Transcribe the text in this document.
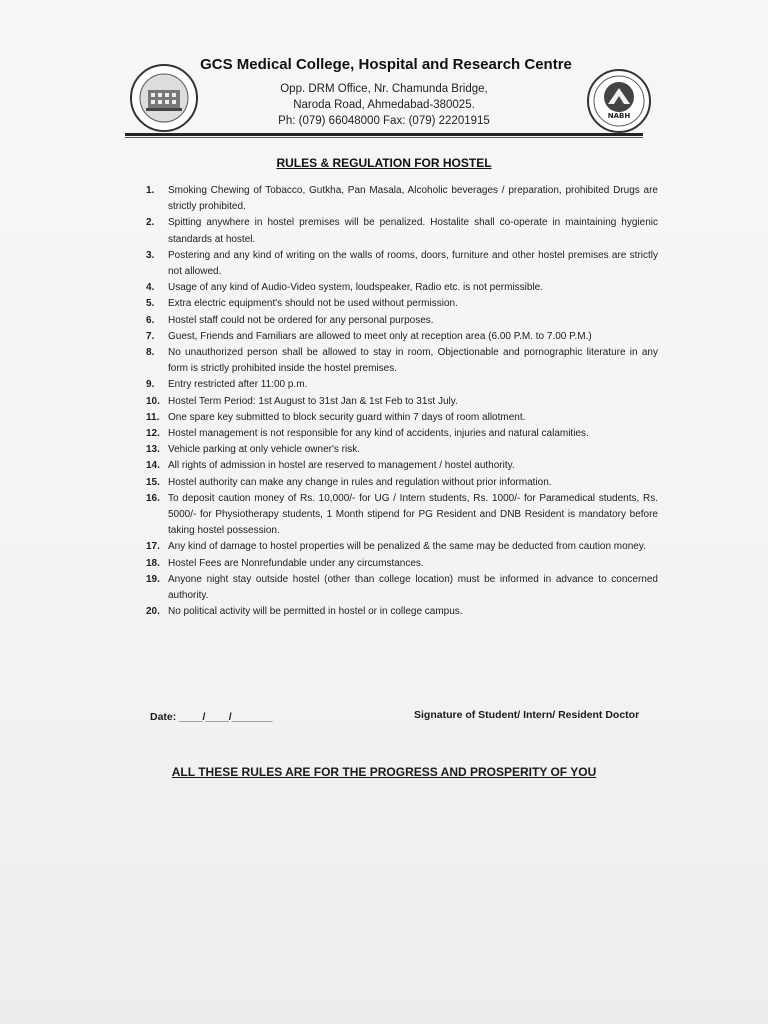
GCS Medical College, Hospital and Research Centre
Opp. DRM Office, Nr. Chamunda Bridge,
Naroda Road, Ahmedabad-380025.
Ph: (079) 66048000 Fax: (079) 22201915	NABH
RULES & REGULATION FOR HOSTEL
1.	Smoking Chewing of Tobacco, Gutkha, Pan Masala, Alcoholic beverages / preparation, prohibited Drugs are strictly prohibited.
2.	Spitting anywhere in hostel premises will be penalized. Hostalite shall co-operate in maintaining hygienic standards at hostel.
3.	Postering and any kind of writing on the walls of rooms, doors, furniture and other hostel premises are strictly not allowed.
4.	Usage of any kind of Audio-Video system, loudspeaker, Radio etc. is not permissible.
5.	Extra electric equipment's should not be used without permission.
6.	Hostel staff could not be ordered for any personal purposes.
7.	Guest, Friends and Familiars are allowed to meet only at reception area (6.00 P.M. to 7.00 P.M.)
8.	No unauthorized person shall be allowed to stay in room, Objectionable and pornographic literature in any form is strictly prohibited inside the hostel premises.
9.	Entry restricted after 11:00 p.m.
10. Hostel Term Period: 1st August to 31st Jan & 1st Feb to 31st July.
11. One spare key submitted to block security guard within 7 days of room allotment.
12. Hostel management is not responsible for any kind of accidents, injuries and natural calamities.
13. Vehicle parking at only vehicle owner's risk.
14. All rights of admission in hostel are reserved to management / hostel authority.
15. Hostel authority can make any change in rules and regulation without prior information.
16. To deposit caution money of Rs. 10,000/- for UG / Intern students, Rs. 1000/- for Paramedical students, Rs. 5000/- for Physiotherapy students, 1 Month stipend for PG Resident and DNB Resident is mandatory before taking hostel possession.
17. Any kind of damage to hostel properties will be penalized & the same may be deducted from caution money.
18. Hostel Fees are Nonrefundable under any circumstances.
19. Anyone night stay outside hostel (other than college location) must be informed in advance to concerned authority.
20. No political activity will be permitted in hostel or in college campus.
Date: ____/____/_______	Signature of Student/ Intern/ Resident Doctor
ALL THESE RULES ARE FOR THE PROGRESS AND PROSPERITY OF YOU
